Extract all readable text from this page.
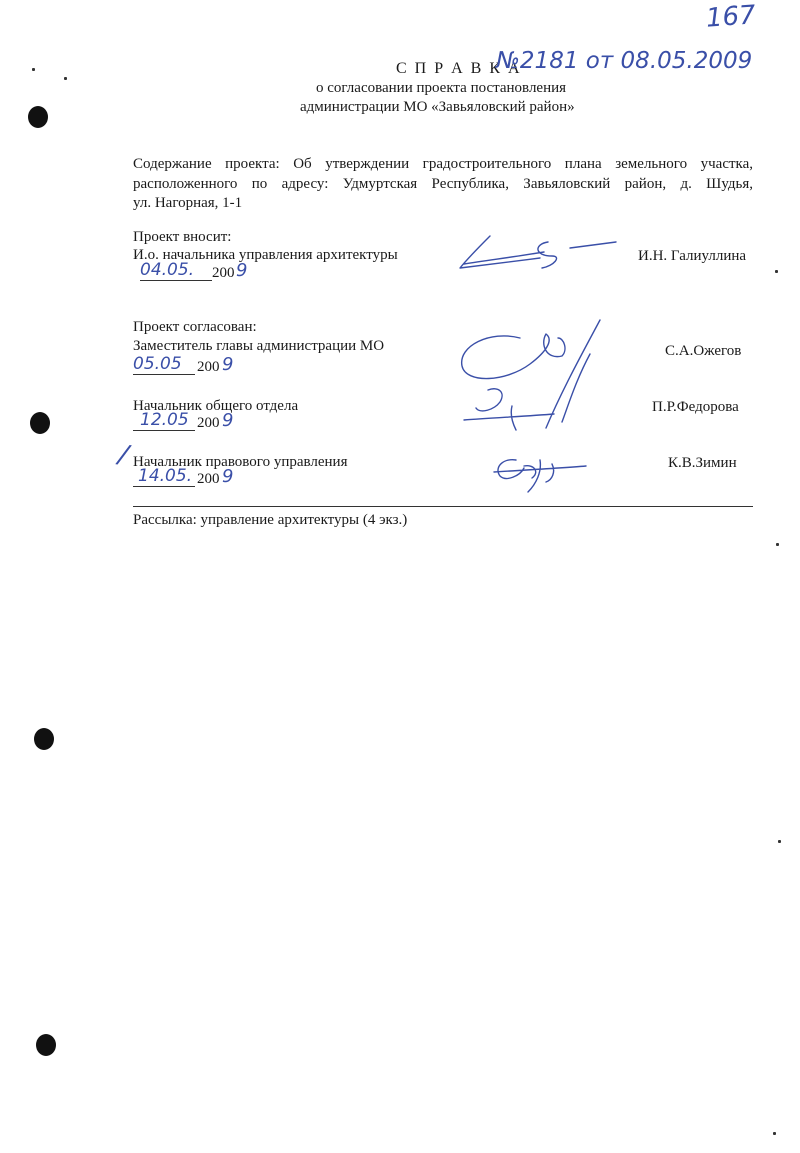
167
С П Р А В К А
№2181 от 08.05.2009
о согласовании проекта постановления
администрации МО «Завьяловский район»
Содержание проекта: Об утверждении градостроительного плана земельного участка,
расположенного по адресу: Удмуртская Республика, Завьяловский район, д. Шудья,
ул. Нагорная, 1-1
Проект вносит:
И.о. начальника управления архитектуры	И.Н. Галиуллина
04.05. 200 9
Проект согласован:
Заместитель главы администрации МО	С.А.Ожегов
05.05 200 9
Начальник общего отдела	П.Р.Федорова
12.05 200 9
/ Начальник правового управления	К.В.Зимин
14.05. 200 9
Рассылка: управление архитектуры (4 экз.)
